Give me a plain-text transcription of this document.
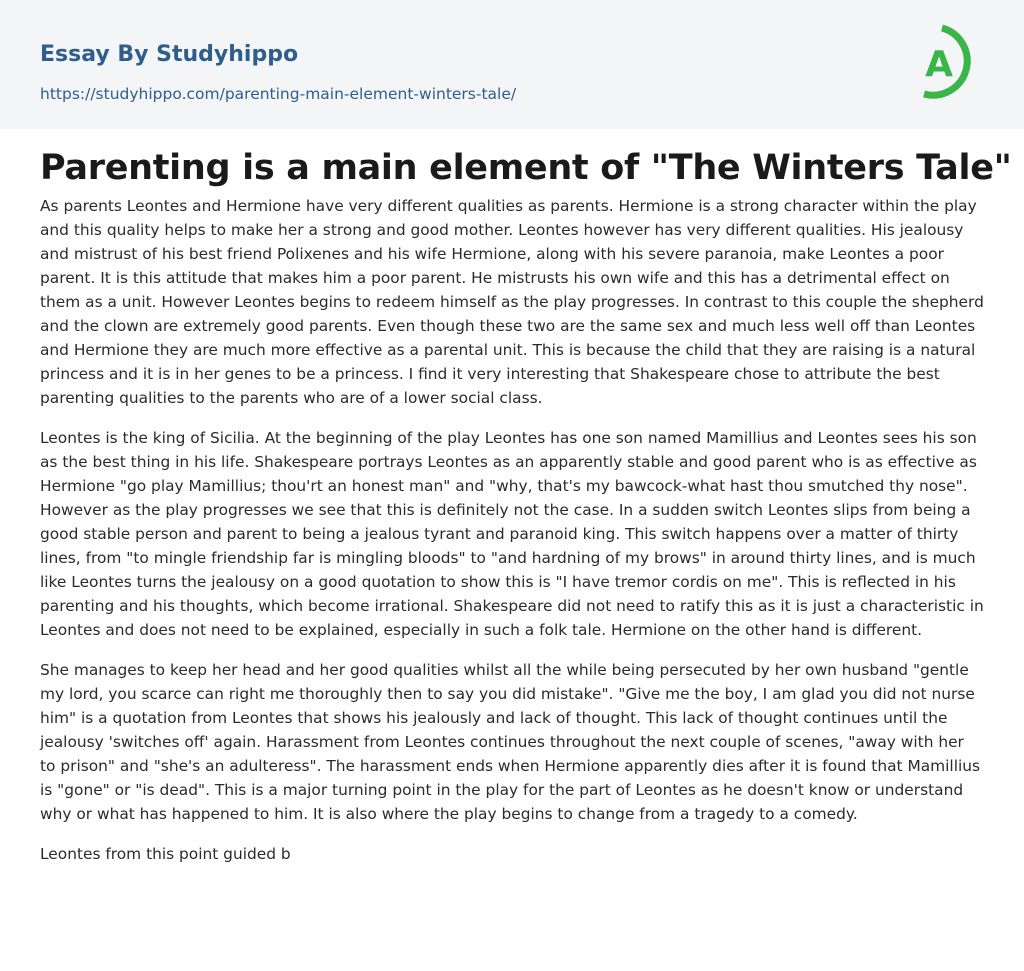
Essay By Studyhippo
https://studyhippo.com/parenting-main-element-winters-tale/
A
Parenting is a main element of "The Winters Tale"

As parents Leontes and Hermione have very different qualities as parents. Hermione is a strong character within the play and this quality helps to make her a strong and good mother. Leontes however has very different qualities. His jealousy and mistrust of his best friend Polixenes and his wife Hermione, along with his severe paranoia, make Leontes a poor parent. It is this attitude that makes him a poor parent. He mistrusts his own wife and this has a detrimental effect on them as a unit. However Leontes begins to redeem himself as the play progresses. In contrast to this couple the shepherd and the clown are extremely good parents. Even though these two are the same sex and much less well off than Leontes and Hermione they are much more effective as a parental unit. This is because the child that they are raising is a natural princess and it is in her genes to be a princess. I find it very interesting that Shakespeare chose to attribute the best parenting qualities to the parents who are of a lower social class.

Leontes is the king of Sicilia. At the beginning of the play Leontes has one son named Mamillius and Leontes sees his son as the best thing in his life. Shakespeare portrays Leontes as an apparently stable and good parent who is as effective as Hermione "go play Mamillius; thou'rt an honest man" and "why, that's my bawcock-what hast thou smutched thy nose". However as the play progresses we see that this is definitely not the case. In a sudden switch Leontes slips from being a good stable person and parent to being a jealous tyrant and paranoid king. This switch happens over a matter of thirty lines, from "to mingle friendship far is mingling bloods" to "and hardning of my brows" in around thirty lines, and is much like Leontes turns the jealousy on a good quotation to show this is "I have tremor cordis on me". This is reflected in his parenting and his thoughts, which become irrational. Shakespeare did not need to ratify this as it is just a characteristic in Leontes and does not need to be explained, especially in such a folk tale. Hermione on the other hand is different.

She manages to keep her head and her good qualities whilst all the while being persecuted by her own husband "gentle my lord, you scarce can right me thoroughly then to say you did mistake". "Give me the boy, I am glad you did not nurse him" is a quotation from Leontes that shows his jealously and lack of thought. This lack of thought continues until the jealousy 'switches off' again. Harassment from Leontes continues throughout the next couple of scenes, "away with her to prison" and "she's an adulteress". The harassment ends when Hermione apparently dies after it is found that Mamillius is "gone" or "is dead". This is a major turning point in the play for the part of Leontes as he doesn't know or understand why or what has happened to him. It is also where the play begins to change from a tragedy to a comedy.

Leontes from this point guided b
